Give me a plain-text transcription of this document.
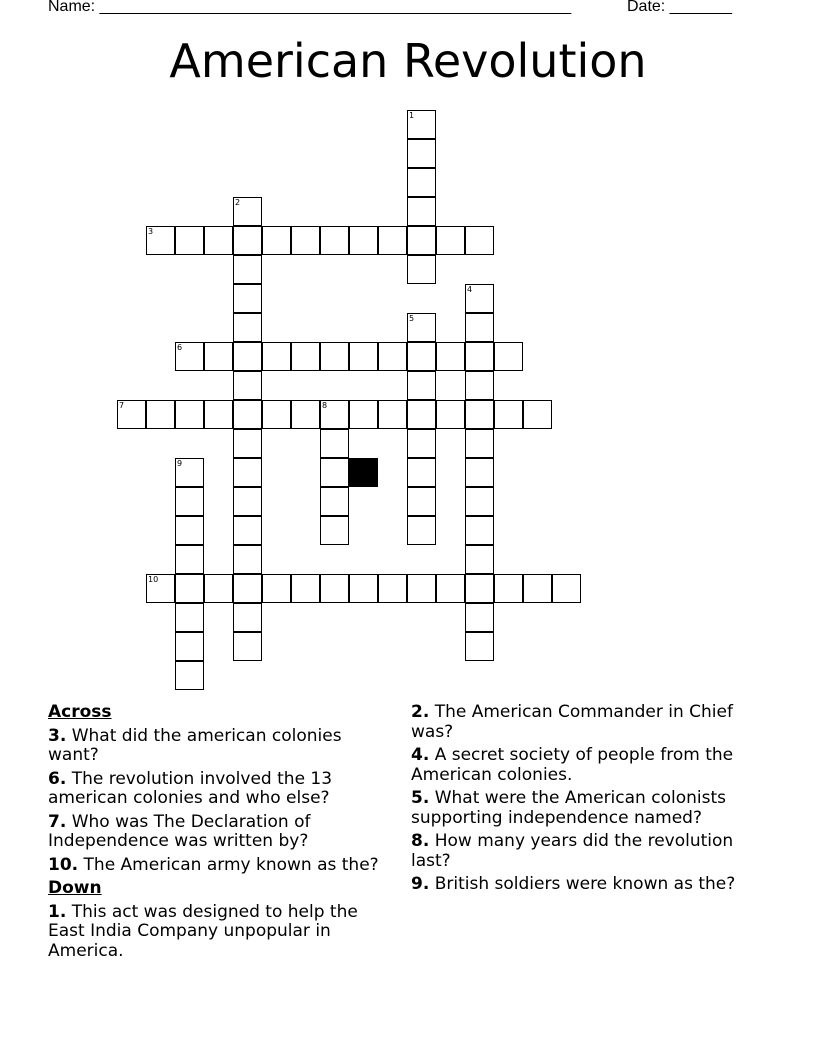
Name: _____________________________________________________	Date: _______
American Revolution
1
2
3
4
5
6
7	8
9
10
Across
3. What did the american colonies want?
6. The revolution involved the 13 american colonies and who else?
7. Who was The Declaration of Independence was written by?
10. The American army known as the?
Down
1. This act was designed to help the East India Company unpopular in America.
2. The American Commander in Chief was?
4. A secret society of people from the American colonies.
5. What were the American colonists supporting independence named?
8. How many years did the revolution last?
9. British soldiers were known as the?
